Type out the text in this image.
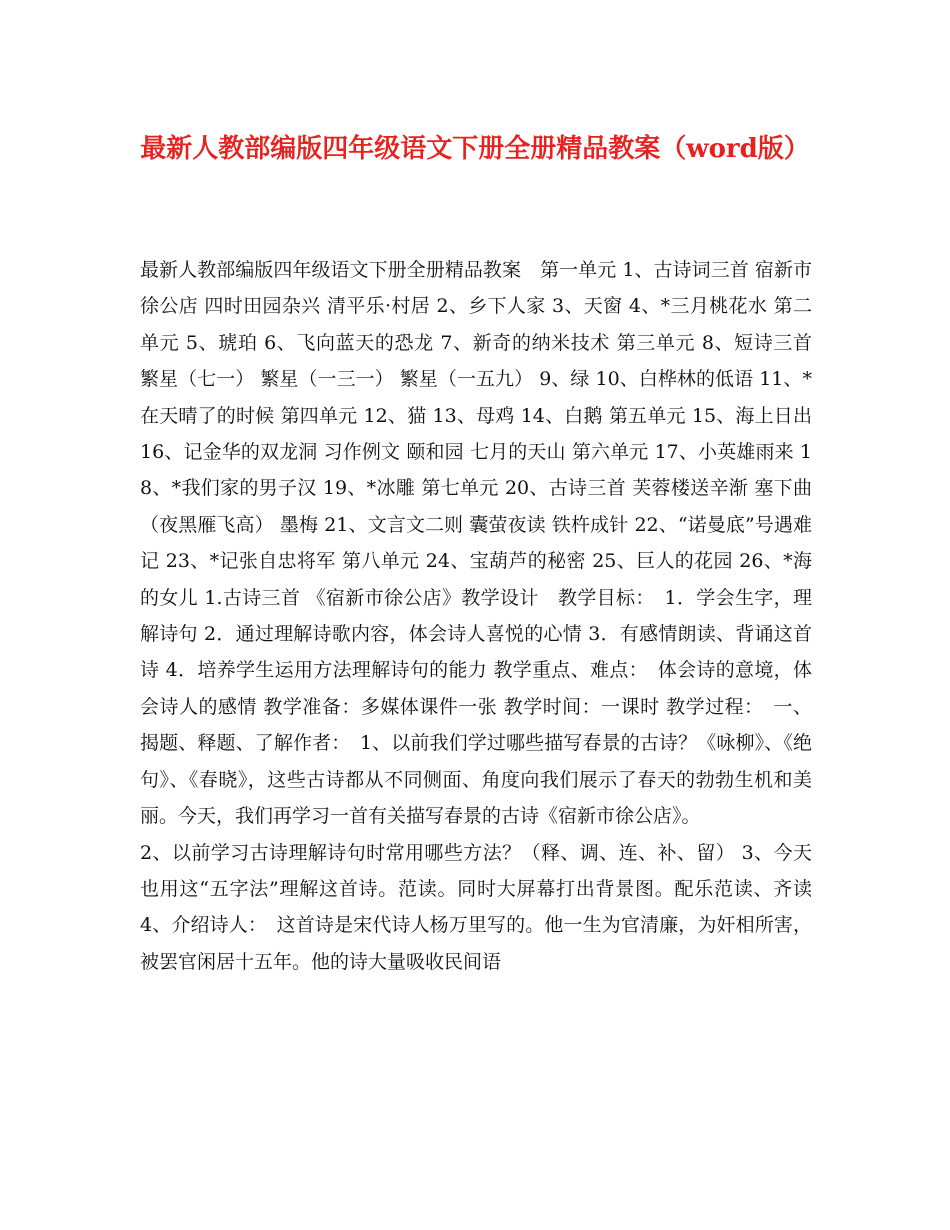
最新人教部编版四年级语文下册全册精品教案（word版）

最新人教部编版四年级语文下册全册精品教案　第一单元 1、古诗词三首 宿新市徐公店 四时田园杂兴 清平乐·村居 2、乡下人家 3、天窗 4、*三月桃花水 第二单元 5、琥珀 6、飞向蓝天的恐龙 7、新奇的纳米技术 第三单元 8、短诗三首 繁星（七一） 繁星（一三一） 繁星（一五九） 9、绿 10、白桦林的低语 11、*在天晴了的时候 第四单元 12、猫 13、母鸡 14、白鹅 第五单元 15、海上日出 16、记金华的双龙洞 习作例文 颐和园 七月的天山 第六单元 17、小英雄雨来 18、*我们家的男子汉 19、*冰雕 第七单元 20、古诗三首 芙蓉楼送辛渐 塞下曲（夜黑雁飞高） 墨梅 21、文言文二则 囊萤夜读 铁杵成针 22、“诺曼底”号遇难记 23、*记张自忠将军 第八单元 24、宝葫芦的秘密 25、巨人的花园 26、*海的女儿 1.古诗三首 《宿新市徐公店》教学设计　教学目标：　1．学会生字，理解诗句 2．通过理解诗歌内容，体会诗人喜悦的心情 3．有感情朗读、背诵这首诗 4．培养学生运用方法理解诗句的能力 教学重点、难点：　体会诗的意境，体会诗人的感情 教学准备：多媒体课件一张 教学时间：一课时 教学过程：　一、揭题、释题、了解作者：　1、以前我们学过哪些描写春景的古诗？《咏柳》、《绝句》、《春晓》，这些古诗都从不同侧面、角度向我们展示了春天的勃勃生机和美丽。今天，我们再学习一首有关描写春景的古诗《宿新市徐公店》。

2、以前学习古诗理解诗句时常用哪些方法？（释、调、连、补、留） 3、今天也用这“五字法”理解这首诗。范读。同时大屏幕打出背景图。配乐范读、齐读 4、介绍诗人：　这首诗是宋代诗人杨万里写的。他一生为官清廉，为奸相所害，被罢官闲居十五年。他的诗大量吸收民间语
